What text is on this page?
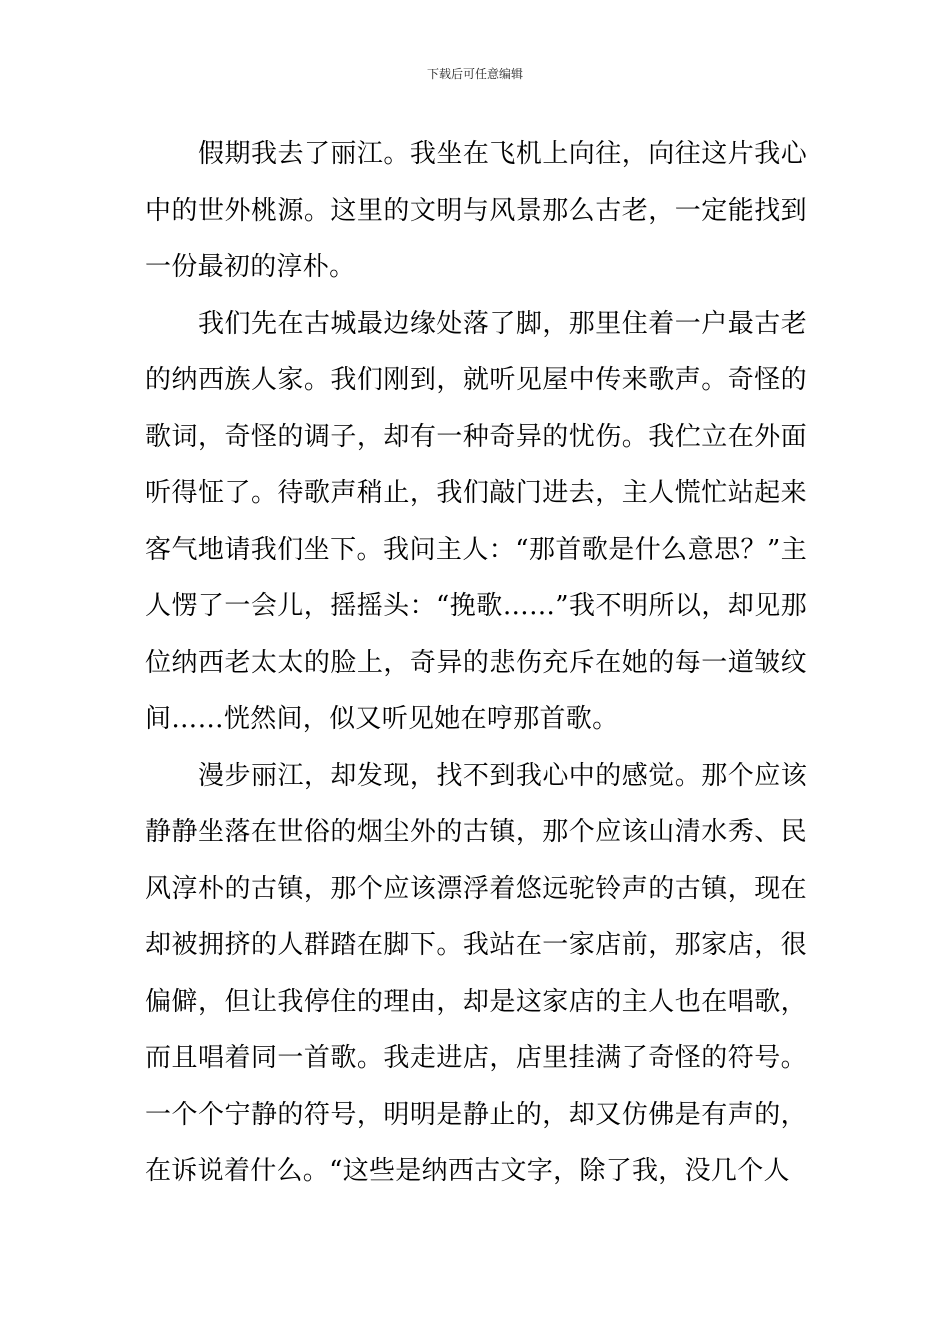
下载后可任意编辑

假期我去了丽江。我坐在飞机上向往，向往这片我心中的世外桃源。这里的文明与风景那么古老，一定能找到一份最初的淳朴。

我们先在古城最边缘处落了脚，那里住着一户最古老的纳西族人家。我们刚到，就听见屋中传来歌声。奇怪的歌词，奇怪的调子，却有一种奇异的忧伤。我伫立在外面听得怔了。待歌声稍止，我们敲门进去，主人慌忙站起来客气地请我们坐下。我问主人：“那首歌是什么意思？”主人愣了一会儿，摇摇头：“挽歌……”我不明所以，却见那位纳西老太太的脸上，奇异的悲伤充斥在她的每一道皱纹间……恍然间，似又听见她在哼那首歌。

漫步丽江，却发现，找不到我心中的感觉。那个应该静静坐落在世俗的烟尘外的古镇，那个应该山清水秀、民风淳朴的古镇，那个应该漂浮着悠远驼铃声的古镇，现在却被拥挤的人群踏在脚下。我站在一家店前，那家店，很偏僻，但让我停住的理由，却是这家店的主人也在唱歌，而且唱着同一首歌。我走进店，店里挂满了奇怪的符号。一个个宁静的符号，明明是静止的，却又仿佛是有声的，在诉说着什么。“这些是纳西古文字，除了我，没几个人
